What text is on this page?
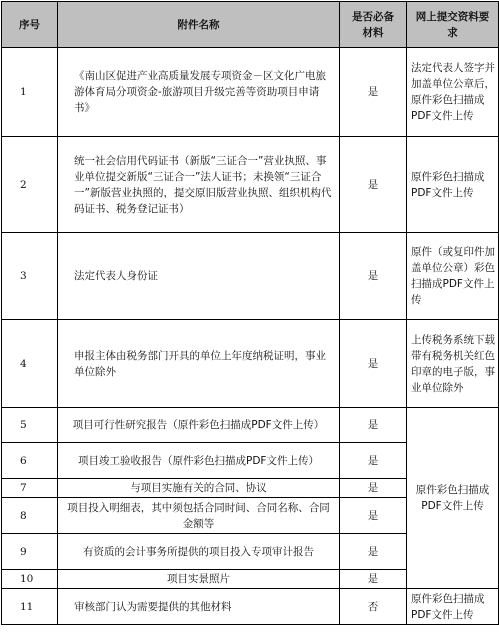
序号	附件名称	是否必备材料	网上提交资料要求
1	《南山区促进产业高质量发展专项资金－区文化广电旅游体育局分项资金-旅游项目升级完善等资助项目申请书》	是	法定代表人签字并加盖单位公章后，原件彩色扫描成PDF文件上传
2	统一社会信用代码证书（新版“三证合一”营业执照、事业单位提交新版“三证合一”法人证书；未换领“三证合一”新版营业执照的，提交原旧版营业执照、组织机构代码证书、税务登记证书）	是	原件彩色扫描成PDF文件上传
3	法定代表人身份证	是	原件（或复印件加盖单位公章）彩色扫描成PDF文件上传
4	申报主体由税务部门开具的单位上年度纳税证明，事业单位除外	是	上传税务系统下载带有税务机关红色印章的电子版，事业单位除外
5	项目可行性研究报告（原件彩色扫描成PDF文件上传）	是	原件彩色扫描成PDF文件上传
6	项目竣工验收报告（原件彩色扫描成PDF文件上传）	是	
7	与项目实施有关的合同、协议	是	
8	项目投入明细表，其中须包括合同时间、合同名称、合同金额等	是	
9	有资质的会计事务所提供的项目投入专项审计报告	是	
10	项目实景照片	是	
11	审核部门认为需要提供的其他材料	否	原件彩色扫描成PDF文件上传
